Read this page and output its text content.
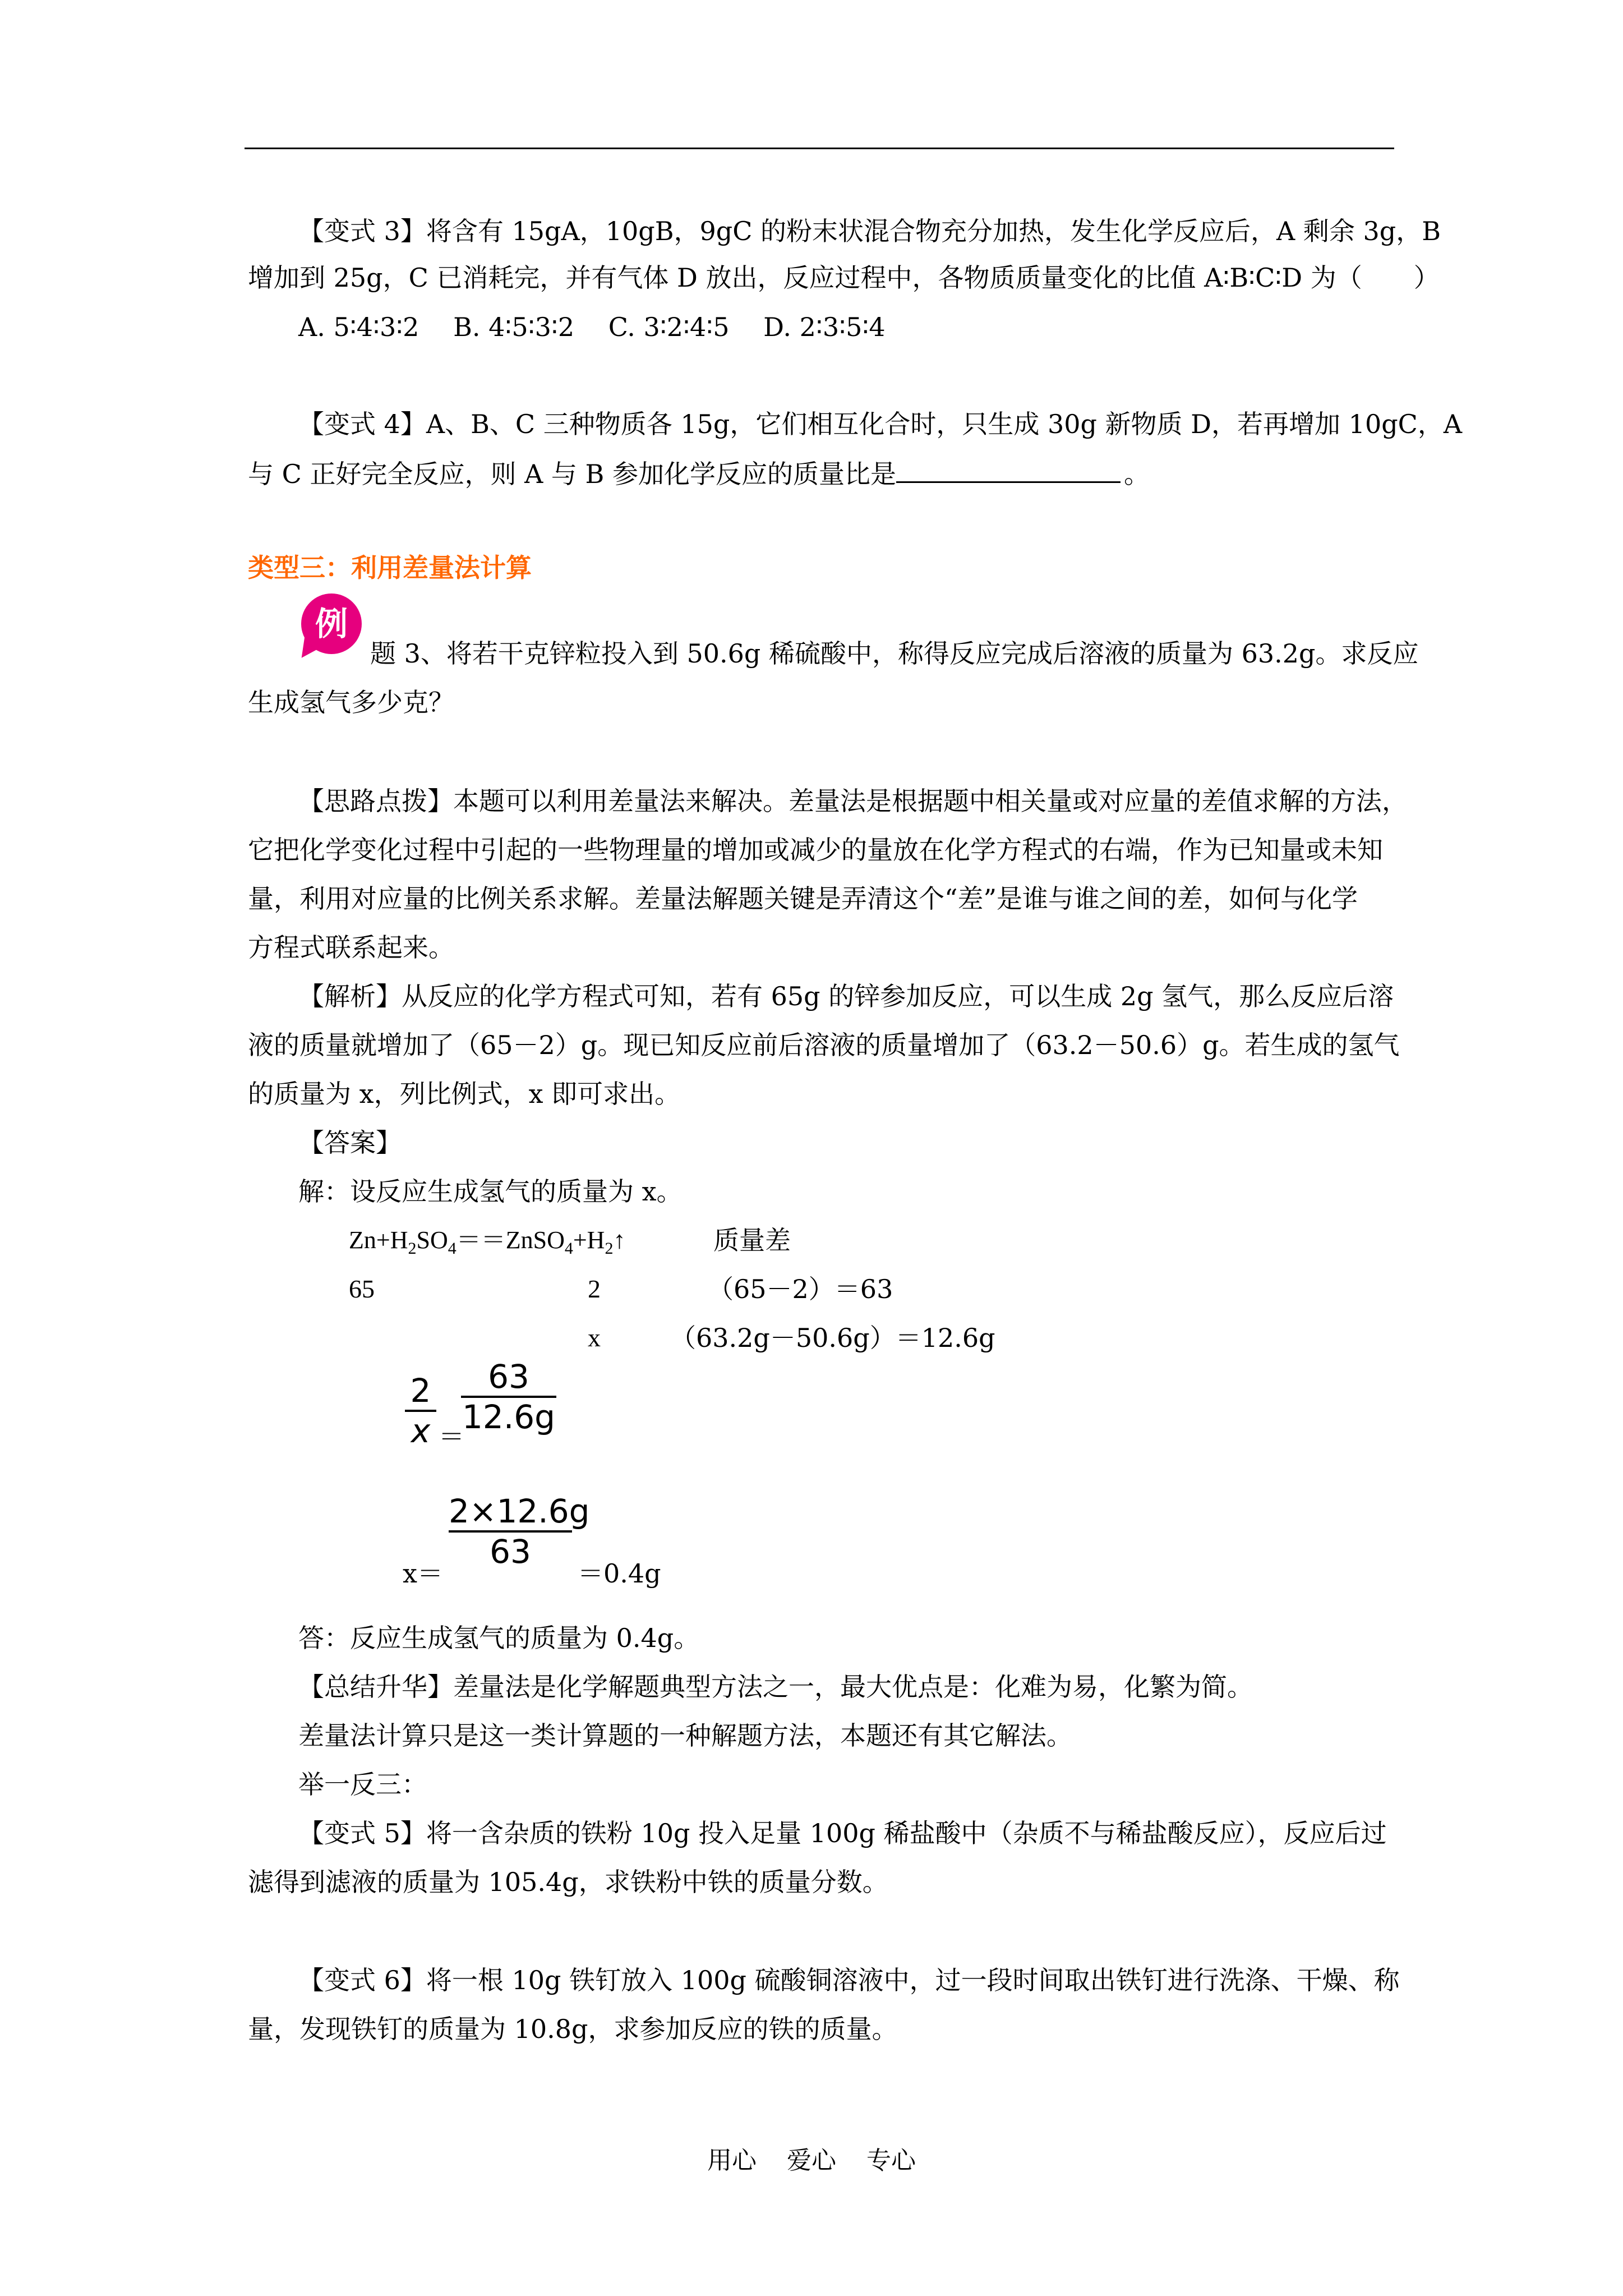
【变式 3】将含有 15gA，10gB，9gC 的粉末状混合物充分加热，发生化学反应后，A 剩余 3g，B
增加到 25g，C 已消耗完，并有气体 D 放出，反应过程中，各物质质量变化的比值 A∶B∶C∶D 为（　　）
A. 5∶4∶3∶2　 B. 4∶5∶3∶2　 C. 3∶2∶4∶5　 D. 2∶3∶5∶4
【变式 4】A、B、C 三种物质各 15g，它们相互化合时，只生成 30g 新物质 D，若再增加 10gC，A
与 C 正好完全反应，则 A 与 B 参加化学反应的质量比是	。
类型三：利用差量法计算
例
题 3、将若干克锌粒投入到 50.6g 稀硫酸中，称得反应完成后溶液的质量为 63.2g。求反应
生成氢气多少克？
【思路点拨】本题可以利用差量法来解决。差量法是根据题中相关量或对应量的差值求解的方法，
它把化学变化过程中引起的一些物理量的增加或减少的量放在化学方程式的右端，作为已知量或未知
量，利用对应量的比例关系求解。差量法解题关键是弄清这个“差”是谁与谁之间的差，如何与化学
方程式联系起来。
【解析】从反应的化学方程式可知，若有 65g 的锌参加反应，可以生成 2g 氢气，那么反应后溶
液的质量就增加了（65－2）g。现已知反应前后溶液的质量增加了（63.2－50.6）g。若生成的氢气
的质量为 x，列比例式，x 即可求出。
【答案】
解：设反应生成氢气的质量为 x。
$Zn+H_2SO_4==ZnSO_4+H_2↑$	质量差
65	2	（65－2）＝63
x	（63.2g－50.6g）＝12.6g
2
x ＝
63
12.6g
x＝
2×12.6g
63
＝0.4g
答：反应生成氢气的质量为 0.4g。
【总结升华】差量法是化学解题典型方法之一，最大优点是：化难为易，化繁为简。
差量法计算只是这一类计算题的一种解题方法，本题还有其它解法。
举一反三：
【变式 5】将一含杂质的铁粉 10g 投入足量 100g 稀盐酸中（杂质不与稀盐酸反应），反应后过
滤得到滤液的质量为 105.4g，求铁粉中铁的质量分数。
【变式 6】将一根 10g 铁钉放入 100g 硫酸铜溶液中，过一段时间取出铁钉进行洗涤、干燥、称
量，发现铁钉的质量为 10.8g，求参加反应的铁的质量。
用心 爱心 专心
